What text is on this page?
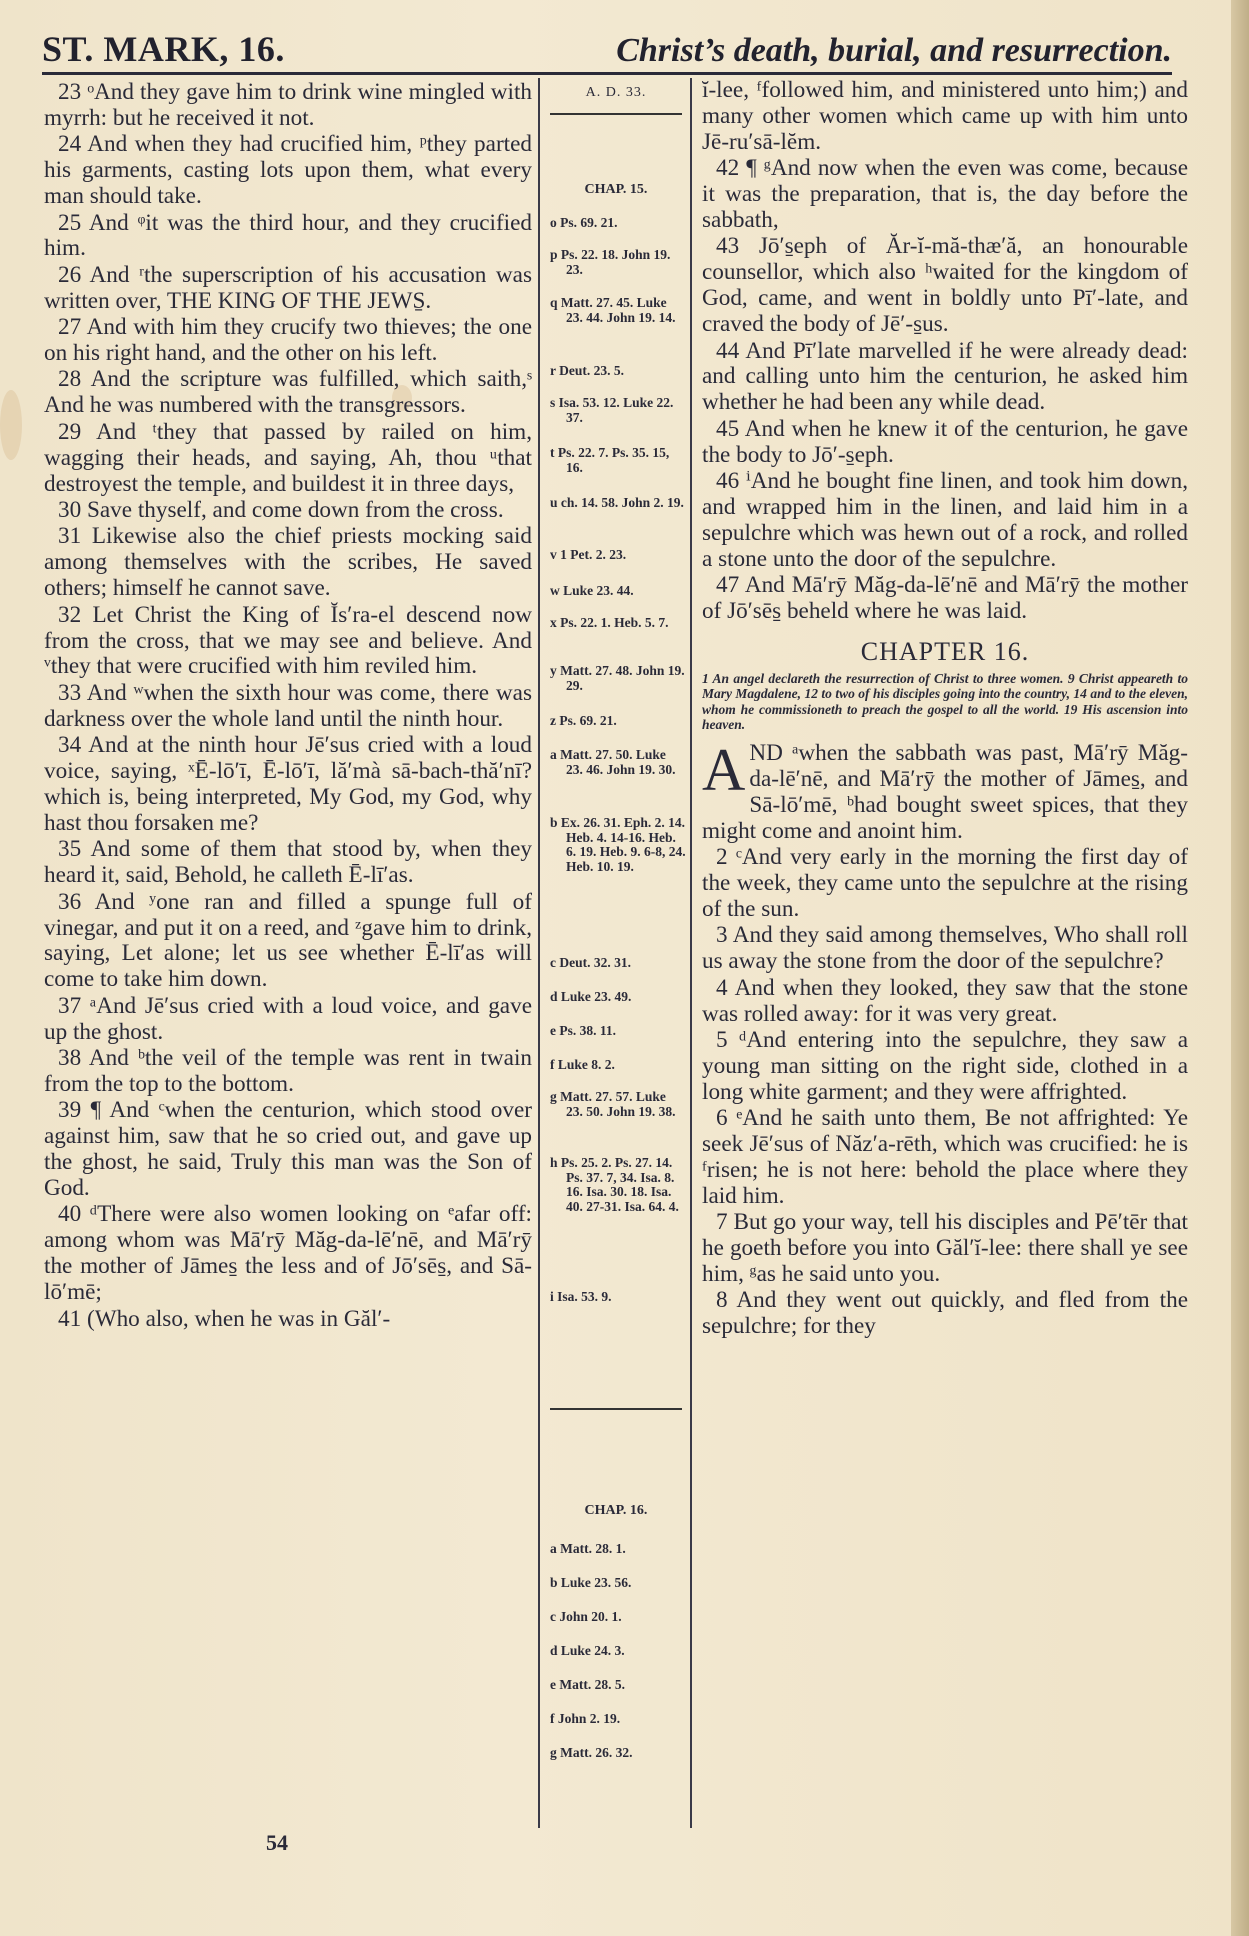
ST. MARK, 16.	Christ’s death, burial, and resurrection.

23 ᵒAnd they gave him to drink wine mingled with myrrh: but he received it not.

24 And when they had crucified him, ᵖthey parted his garments, casting lots upon them, what every man should take.

25 And ᵠit was the third hour, and they crucified him.

26 And ʳthe superscription of his accusation was written over, THE KING OF THE JEWS̱.

27 And with him they crucify two thieves; the one on his right hand, and the other on his left.

28 And the scripture was fulfilled, which saith,ˢ And he was numbered with the transgressors.

29 And ᵗthey that passed by railed on him, wagging their heads, and saying, Ah, thou ᵘthat destroyest the temple, and buildest it in three days,

30 Save thyself, and come down from the cross.

31 Likewise also the chief priests mocking said among themselves with the scribes, He saved others; himself he cannot save.

32 Let Christ the King of Ĭs′ra-el descend now from the cross, that we may see and believe. And ᵛthey that were crucified with him reviled him.

33 And ʷwhen the sixth hour was come, there was darkness over the whole land until the ninth hour.

34 And at the ninth hour Jē′sus cried with a loud voice, saying, ˣĒ-lō′ī, Ē-lō′ī, lă′mà sā-bach-thă′nī? which is, being interpreted, My God, my God, why hast thou forsaken me?

35 And some of them that stood by, when they heard it, said, Behold, he calleth Ē-lī′as.

36 And ʸone ran and filled a spunge full of vinegar, and put it on a reed, and ᶻgave him to drink, saying, Let alone; let us see whether Ē-lī′as will come to take him down.

37 ᵃAnd Jē′sus cried with a loud voice, and gave up the ghost.

38 And ᵇthe veil of the temple was rent in twain from the top to the bottom.

39 ¶ And ᶜwhen the centurion, which stood over against him, saw that he so cried out, and gave up the ghost, he said, Truly this man was the Son of God.

40 ᵈThere were also women looking on ᵉafar off: among whom was Mā′rȳ Măg-da-lē′nē, and Mā′rȳ the mother of Jāmes̱ the less and of Jō′sēs̱, and Sā-lō′mē;

41 (Who also, when he was in Găl′-

A. D. 33.
CHAP. 15.
o Ps. 69. 21.
p Ps. 22. 18. John 19. 23.
q Matt. 27. 45. Luke 23. 44. John 19. 14.
r Deut. 23. 5.
s Isa. 53. 12. Luke 22. 37.
t Ps. 22. 7. Ps. 35. 15, 16.
u ch. 14. 58. John 2. 19.
v 1 Pet. 2. 23.
w Luke 23. 44.
x Ps. 22. 1. Heb. 5. 7.
y Matt. 27. 48. John 19. 29.
z Ps. 69. 21.
a Matt. 27. 50. Luke 23. 46. John 19. 30.
b Ex. 26. 31. Eph. 2. 14. Heb. 4. 14-16. Heb. 6. 19. Heb. 9. 6-8, 24. Heb. 10. 19.
c Deut. 32. 31.
d Luke 23. 49.
e Ps. 38. 11.
f Luke 8. 2.
g Matt. 27. 57. Luke 23. 50. John 19. 38.
h Ps. 25. 2. Ps. 27. 14. Ps. 37. 7, 34. Isa. 8. 16. Isa. 30. 18. Isa. 40. 27-31. Isa. 64. 4.
i Isa. 53. 9.
CHAP. 16.
a Matt. 28. 1.
b Luke 23. 56.
c John 20. 1.
d Luke 24. 3.
e Matt. 28. 5.
f John 2. 19.
g Matt. 26. 32.

ĭ-lee, ᶠfollowed him, and ministered unto him;) and many other women which came up with him unto Jē-ru′sā-lĕm.

42 ¶ ᵍAnd now when the even was come, because it was the preparation, that is, the day before the sabbath,

43 Jō′s̱eph of Ăr-ĭ-mă-thæ′ă, an honourable counsellor, which also ʰwaited for the kingdom of God, came, and went in boldly unto Pī′-late, and craved the body of Jē′-s̱us.

44 And Pī′late marvelled if he were already dead: and calling unto him the centurion, he asked him whether he had been any while dead.

45 And when he knew it of the centurion, he gave the body to Jō′-s̱eph.

46 ⁱAnd he bought fine linen, and took him down, and wrapped him in the linen, and laid him in a sepulchre which was hewn out of a rock, and rolled a stone unto the door of the sepulchre.

47 And Mā′rȳ Măg-da-lē′nē and Mā′rȳ the mother of Jō′sēs̱ beheld where he was laid.

CHAPTER 16.

1 An angel declareth the resurrection of Christ to three women. 9 Christ appeareth to Mary Magdalene, 12 to two of his disciples going into the country, 14 and to the eleven, whom he commissioneth to preach the gospel to all the world. 19 His ascension into heaven.

AND ᵃwhen the sabbath was past, Mā′rȳ Măg-da-lē′nē, and Mā′rȳ the mother of Jāmes̱, and Sā-lō′mē, ᵇhad bought sweet spices, that they might come and anoint him.

2 ᶜAnd very early in the morning the first day of the week, they came unto the sepulchre at the rising of the sun.

3 And they said among themselves, Who shall roll us away the stone from the door of the sepulchre?

4 And when they looked, they saw that the stone was rolled away: for it was very great.

5 ᵈAnd entering into the sepulchre, they saw a young man sitting on the right side, clothed in a long white garment; and they were affrighted.

6 ᵉAnd he saith unto them, Be not affrighted: Ye seek Jē′sus of Năz′a-rēth, which was crucified: he is ᶠrisen; he is not here: behold the place where they laid him.

7 But go your way, tell his disciples and Pē′tēr that he goeth before you into Găl′ĭ-lee: there shall ye see him, ᵍas he said unto you.

8 And they went out quickly, and fled from the sepulchre; for they

54
